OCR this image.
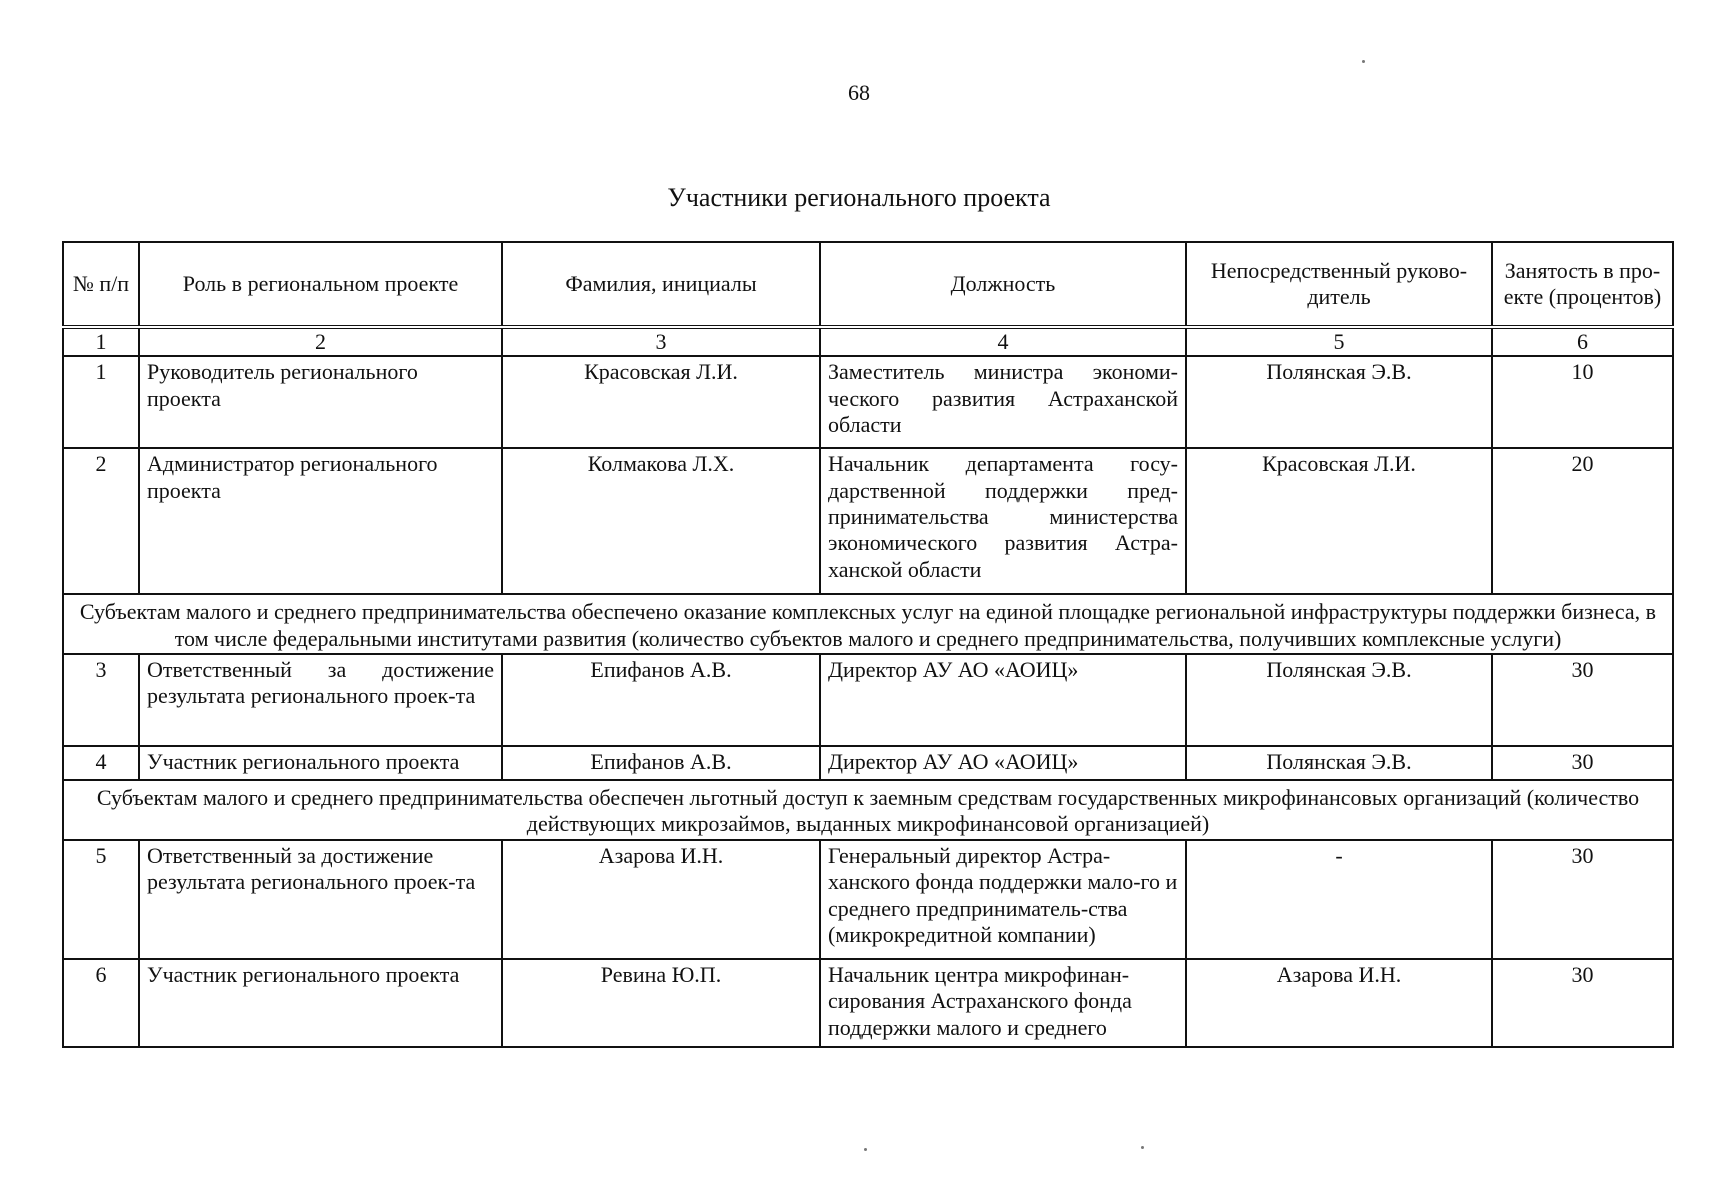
68
Участники регионального проекта
№ п/п	Роль в региональном проекте	Фамилия, инициалы	Должность	Непосредственный руково-дитель	Занятость в про-екте (процентов)
1	2	3	4	5	6
1	Руководитель регионального проекта	Красовская Л.И.	Заместитель министра экономи-ческого развития Астраханской области	Полянская Э.В.	10
2	Администратор регионального проекта	Колмакова Л.Х.	Начальник департамента госу-дарственной поддержки пред-принимательства министерства экономического развития Астра-ханской области	Красовская Л.И.	20
Субъектам малого и среднего предпринимательства обеспечено оказание комплексных услуг на единой площадке региональной инфраструктуры поддержки бизнеса, в том числе федеральными институтами развития (количество субъектов малого и среднего предпринимательства, получивших комплексные услуги)					
3	Ответственный за достижение результата регионального проек-та	Епифанов А.В.	Директор АУ АО «АОИЦ»	Полянская Э.В.	30
4	Участник регионального проекта	Епифанов А.В.	Директор АУ АО «АОИЦ»	Полянская Э.В.	30
Субъектам малого и среднего предпринимательства обеспечен льготный доступ к заемным средствам государственных микрофинансовых организаций (количество действующих микрозаймов, выданных микрофинансовой организацией)					
5	Ответственный за достижение результата регионального проек-та	Азарова И.Н.	Генеральный директор Астра-ханского фонда поддержки мало-го и среднего предприниматель-ства (микрокредитной компании)	-	30
6	Участник регионального проекта	Ревина Ю.П.	Начальник центра микрофинан-сирования Астраханского фонда поддержки малого и среднего	Азарова И.Н.	30
